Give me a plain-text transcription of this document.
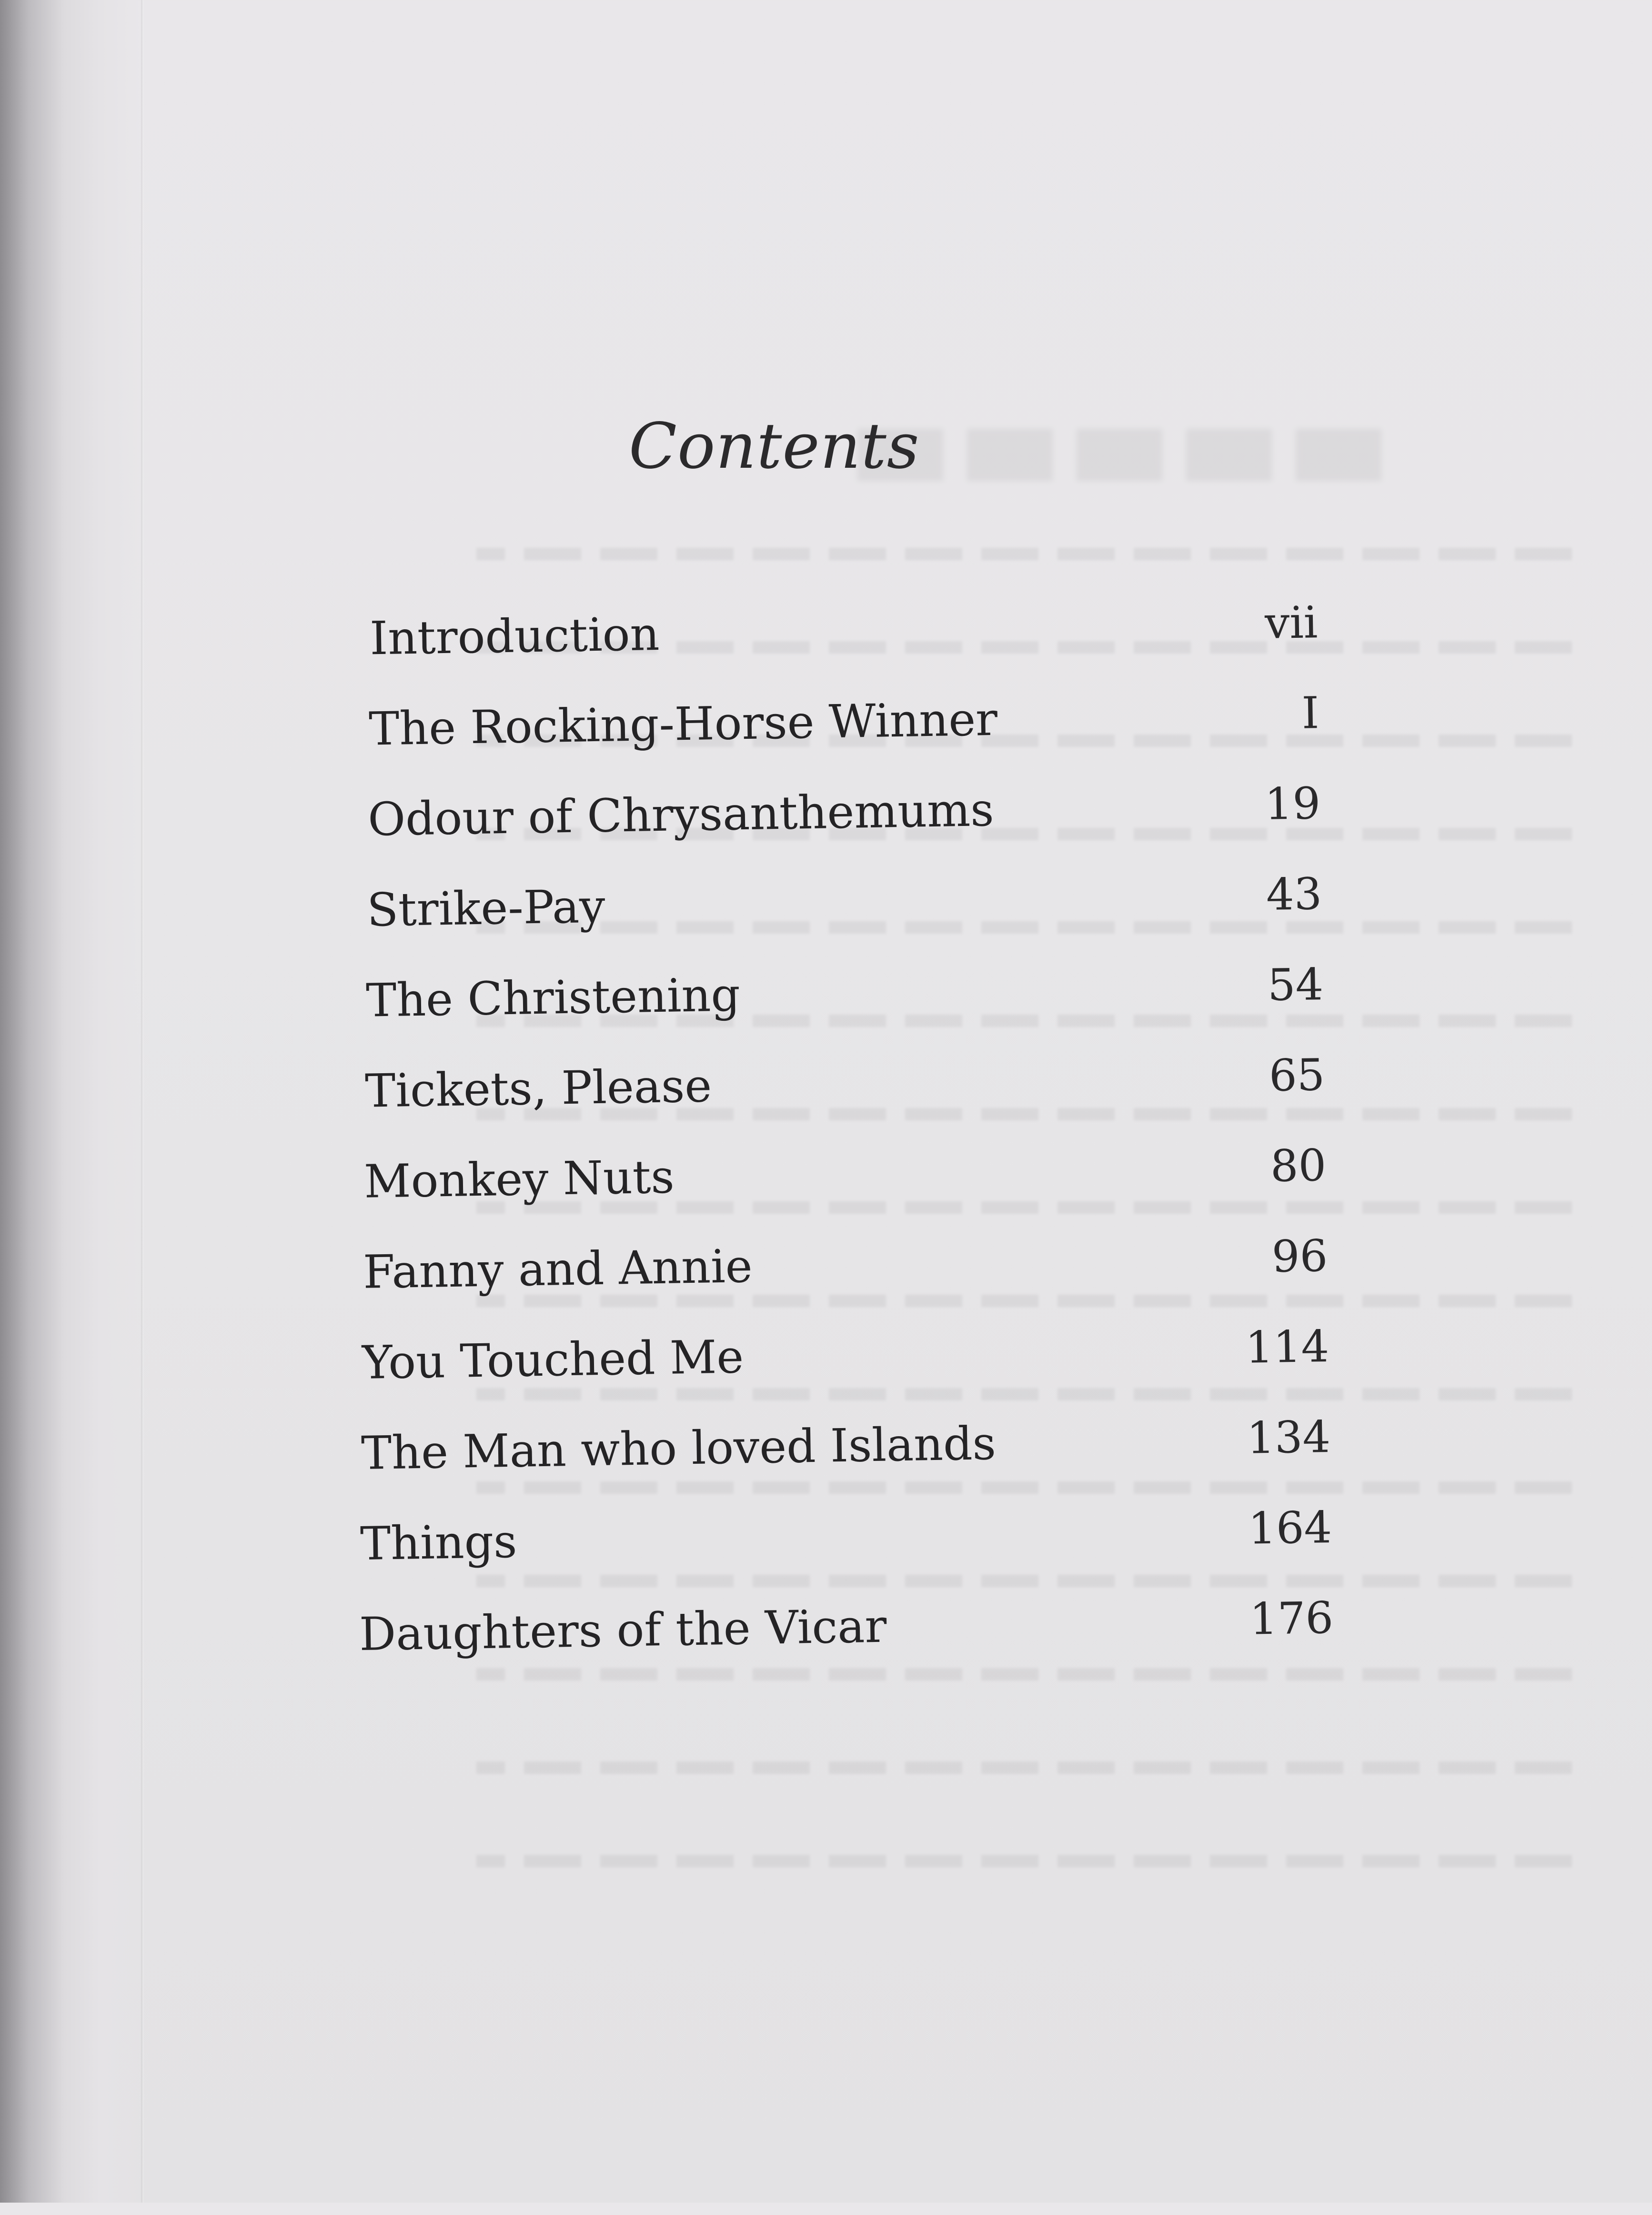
Contents
Introduction	vii
The Rocking-Horse Winner	I
Odour of Chrysanthemums	19
Strike-Pay	43
The Christening	54
Tickets, Please	65
Monkey Nuts	80
Fanny and Annie	96
You Touched Me	114
The Man who loved Islands	134
Things	164
Daughters of the Vicar	176
